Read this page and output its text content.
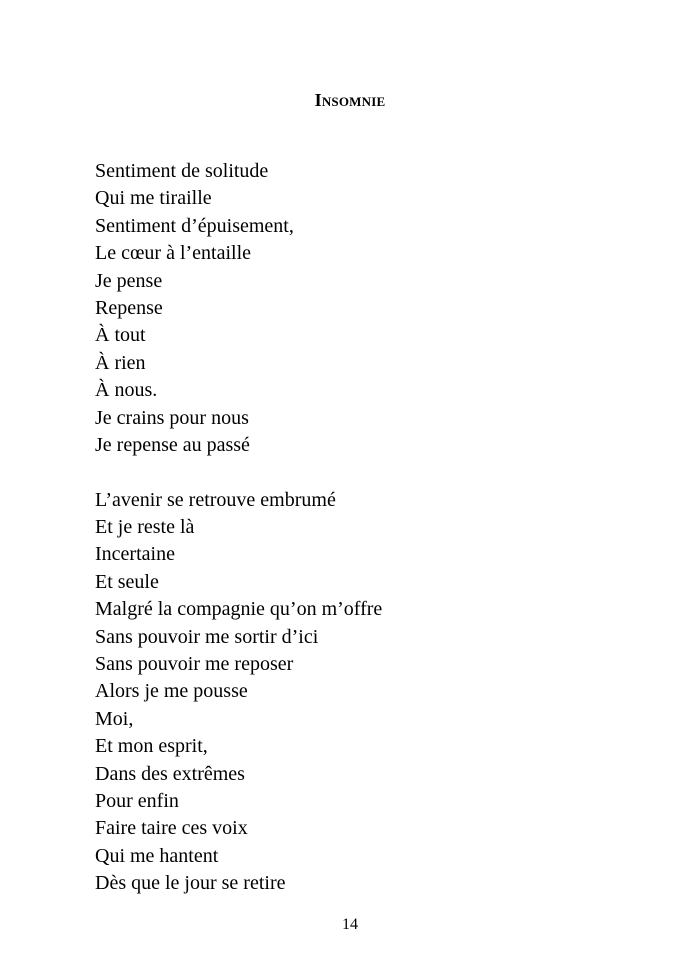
Insomnie
Sentiment de solitude
Qui me tiraille
Sentiment d’épuisement,
Le cœur à l’entaille
Je pense
Repense
À tout
À rien
À nous.
Je crains pour nous
Je repense au passé
L’avenir se retrouve embrumé
Et je reste là
Incertaine
Et seule
Malgré la compagnie qu’on m’offre
Sans pouvoir me sortir d’ici
Sans pouvoir me reposer
Alors je me pousse
Moi,
Et mon esprit,
Dans des extrêmes
Pour enfin
Faire taire ces voix
Qui me hantent
Dès que le jour se retire
14
